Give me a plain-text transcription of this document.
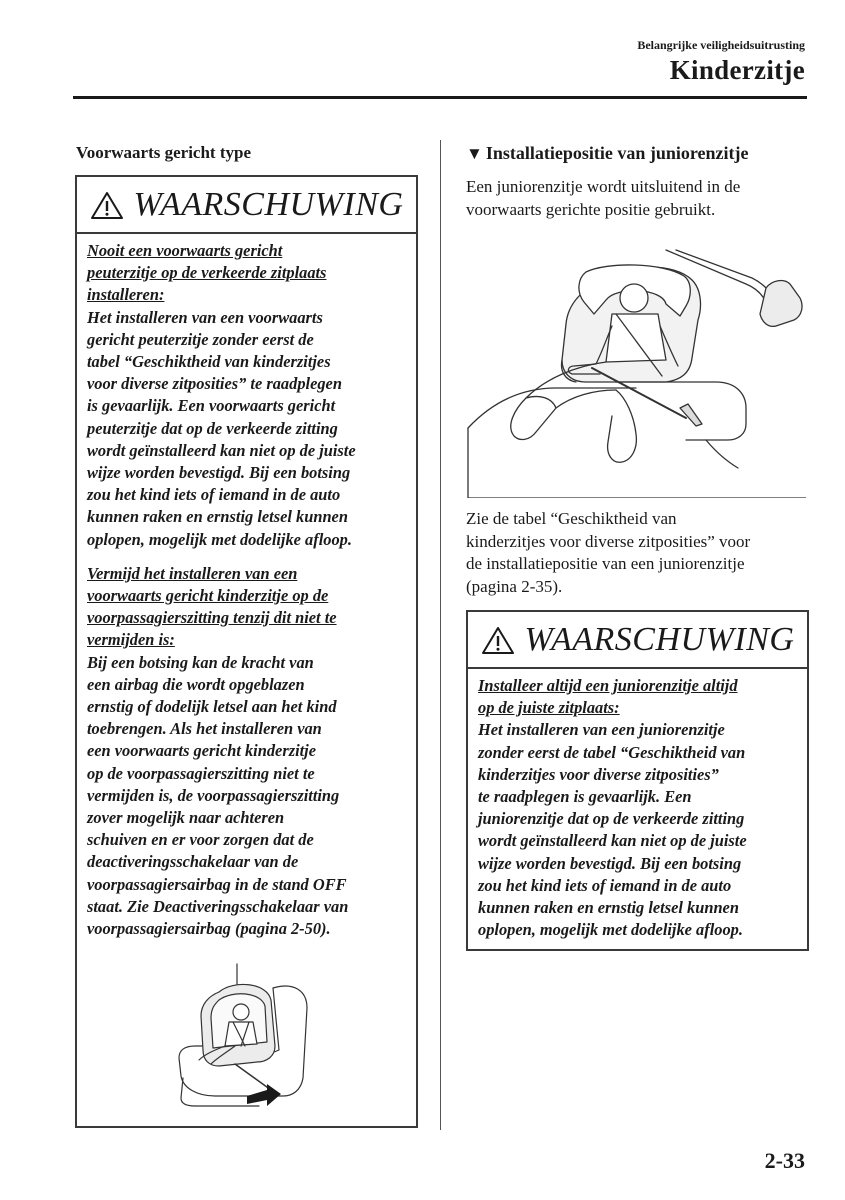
Belangrijke veiligheidsuitrusting
Kinderzitje
Voorwaarts gericht type
WAARSCHUWING
Nooit een voorwaarts gericht
peuterzitje op de verkeerde zitplaats
installeren:
Het installeren van een voorwaarts
gericht peuterzitje zonder eerst de
tabel “Geschiktheid van kinderzitjes
voor diverse zitposities” te raadplegen
is gevaarlijk. Een voorwaarts gericht
peuterzitje dat op de verkeerde zitting
wordt geïnstalleerd kan niet op de juiste
wijze worden bevestigd. Bij een botsing
zou het kind iets of iemand in de auto
kunnen raken en ernstig letsel kunnen
oplopen, mogelijk met dodelijke afloop.
Vermijd het installeren van een
voorwaarts gericht kinderzitje op de
voorpassagierszitting tenzij dit niet te
vermijden is:
Bij een botsing kan de kracht van
een airbag die wordt opgeblazen
ernstig of dodelijk letsel aan het kind
toebrengen. Als het installeren van
een voorwaarts gericht kinderzitje
op de voorpassagierszitting niet te
vermijden is, de voorpassagierszitting
zover mogelijk naar achteren
schuiven en er voor zorgen dat de
deactiveringsschakelaar van de
voorpassagiersairbag in de stand OFF
staat. Zie Deactiveringsschakelaar van
voorpassagiersairbag (pagina 2-50).
▼ Installatiepositie van juniorenzitje
Een juniorenzitje wordt uitsluitend in de
voorwaarts gerichte positie gebruikt.
Zie de tabel “Geschiktheid van
kinderzitjes voor diverse zitposities” voor
de installatiepositie van een juniorenzitje
(pagina 2-35).
WAARSCHUWING
Installeer altijd een juniorenzitje altijd
op de juiste zitplaats:
Het installeren van een juniorenzitje
zonder eerst de tabel “Geschiktheid van
kinderzitjes voor diverse zitposities”
te raadplegen is gevaarlijk. Een
juniorenzitje dat op de verkeerde zitting
wordt geïnstalleerd kan niet op de juiste
wijze worden bevestigd. Bij een botsing
zou het kind iets of iemand in de auto
kunnen raken en ernstig letsel kunnen
oplopen, mogelijk met dodelijke afloop.
2-33
